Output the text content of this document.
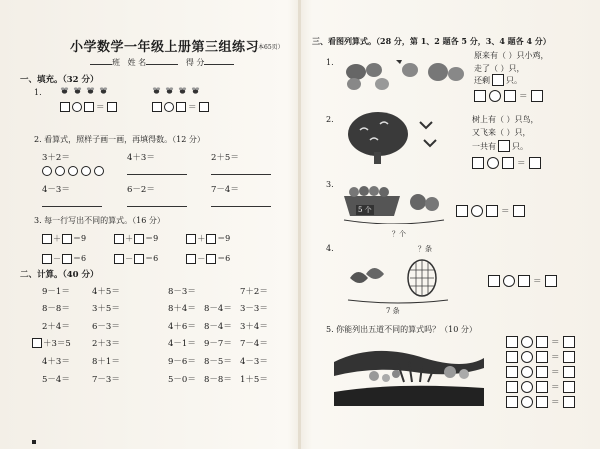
小学数学一年级上册第三组练习
（本65页）
班 姓 名	得 分
一、填充。（32 分）
1.
＝	＝
2. 看算式，照样子画一画，再填得数。（12 分）
3＋2＝	4＋3＝	2＋5＝
4－3＝	6－2＝	7－4＝
3. 每一行写出不同的算式。（16 分）
＋ ＝9	＋ ＝9	＋ ＝9
－ ＝6	－ ＝6	－ ＝6
二、计算。（40 分）
9－1＝	4＋5＝	8－3＝	7＋2＝
8－8＝	3＋5＝	8＋4＝ 8－4＝ 3－3＝
2＋4＝	6－3＝	4＋6＝ 8－4＝ 3＋4＝
＋3＝5 2＋3＝	4－1＝ 9－7＝ 7－4＝
4＋3＝	8＋1＝	9－6＝ 8－5＝ 4－3＝
5－4＝	7－3＝	5－0＝ 8－8＝ 1＋5＝
三、看图列算式。（28 分，第 1、2 题各 5 分，3、4 题各 4 分）
1.
原来有（ ）只小鸡，
走了（ ）只，
还剩 只。
＝
2.	树上有（ ）只鸟，
又飞来（ ）只，
一共有 只。
＝
3.
5 个
？个
＝
4.	？条
7 条
＝
5. 你能列出五道不同的算式吗？（10 分）
＝
＝
＝
＝
＝
